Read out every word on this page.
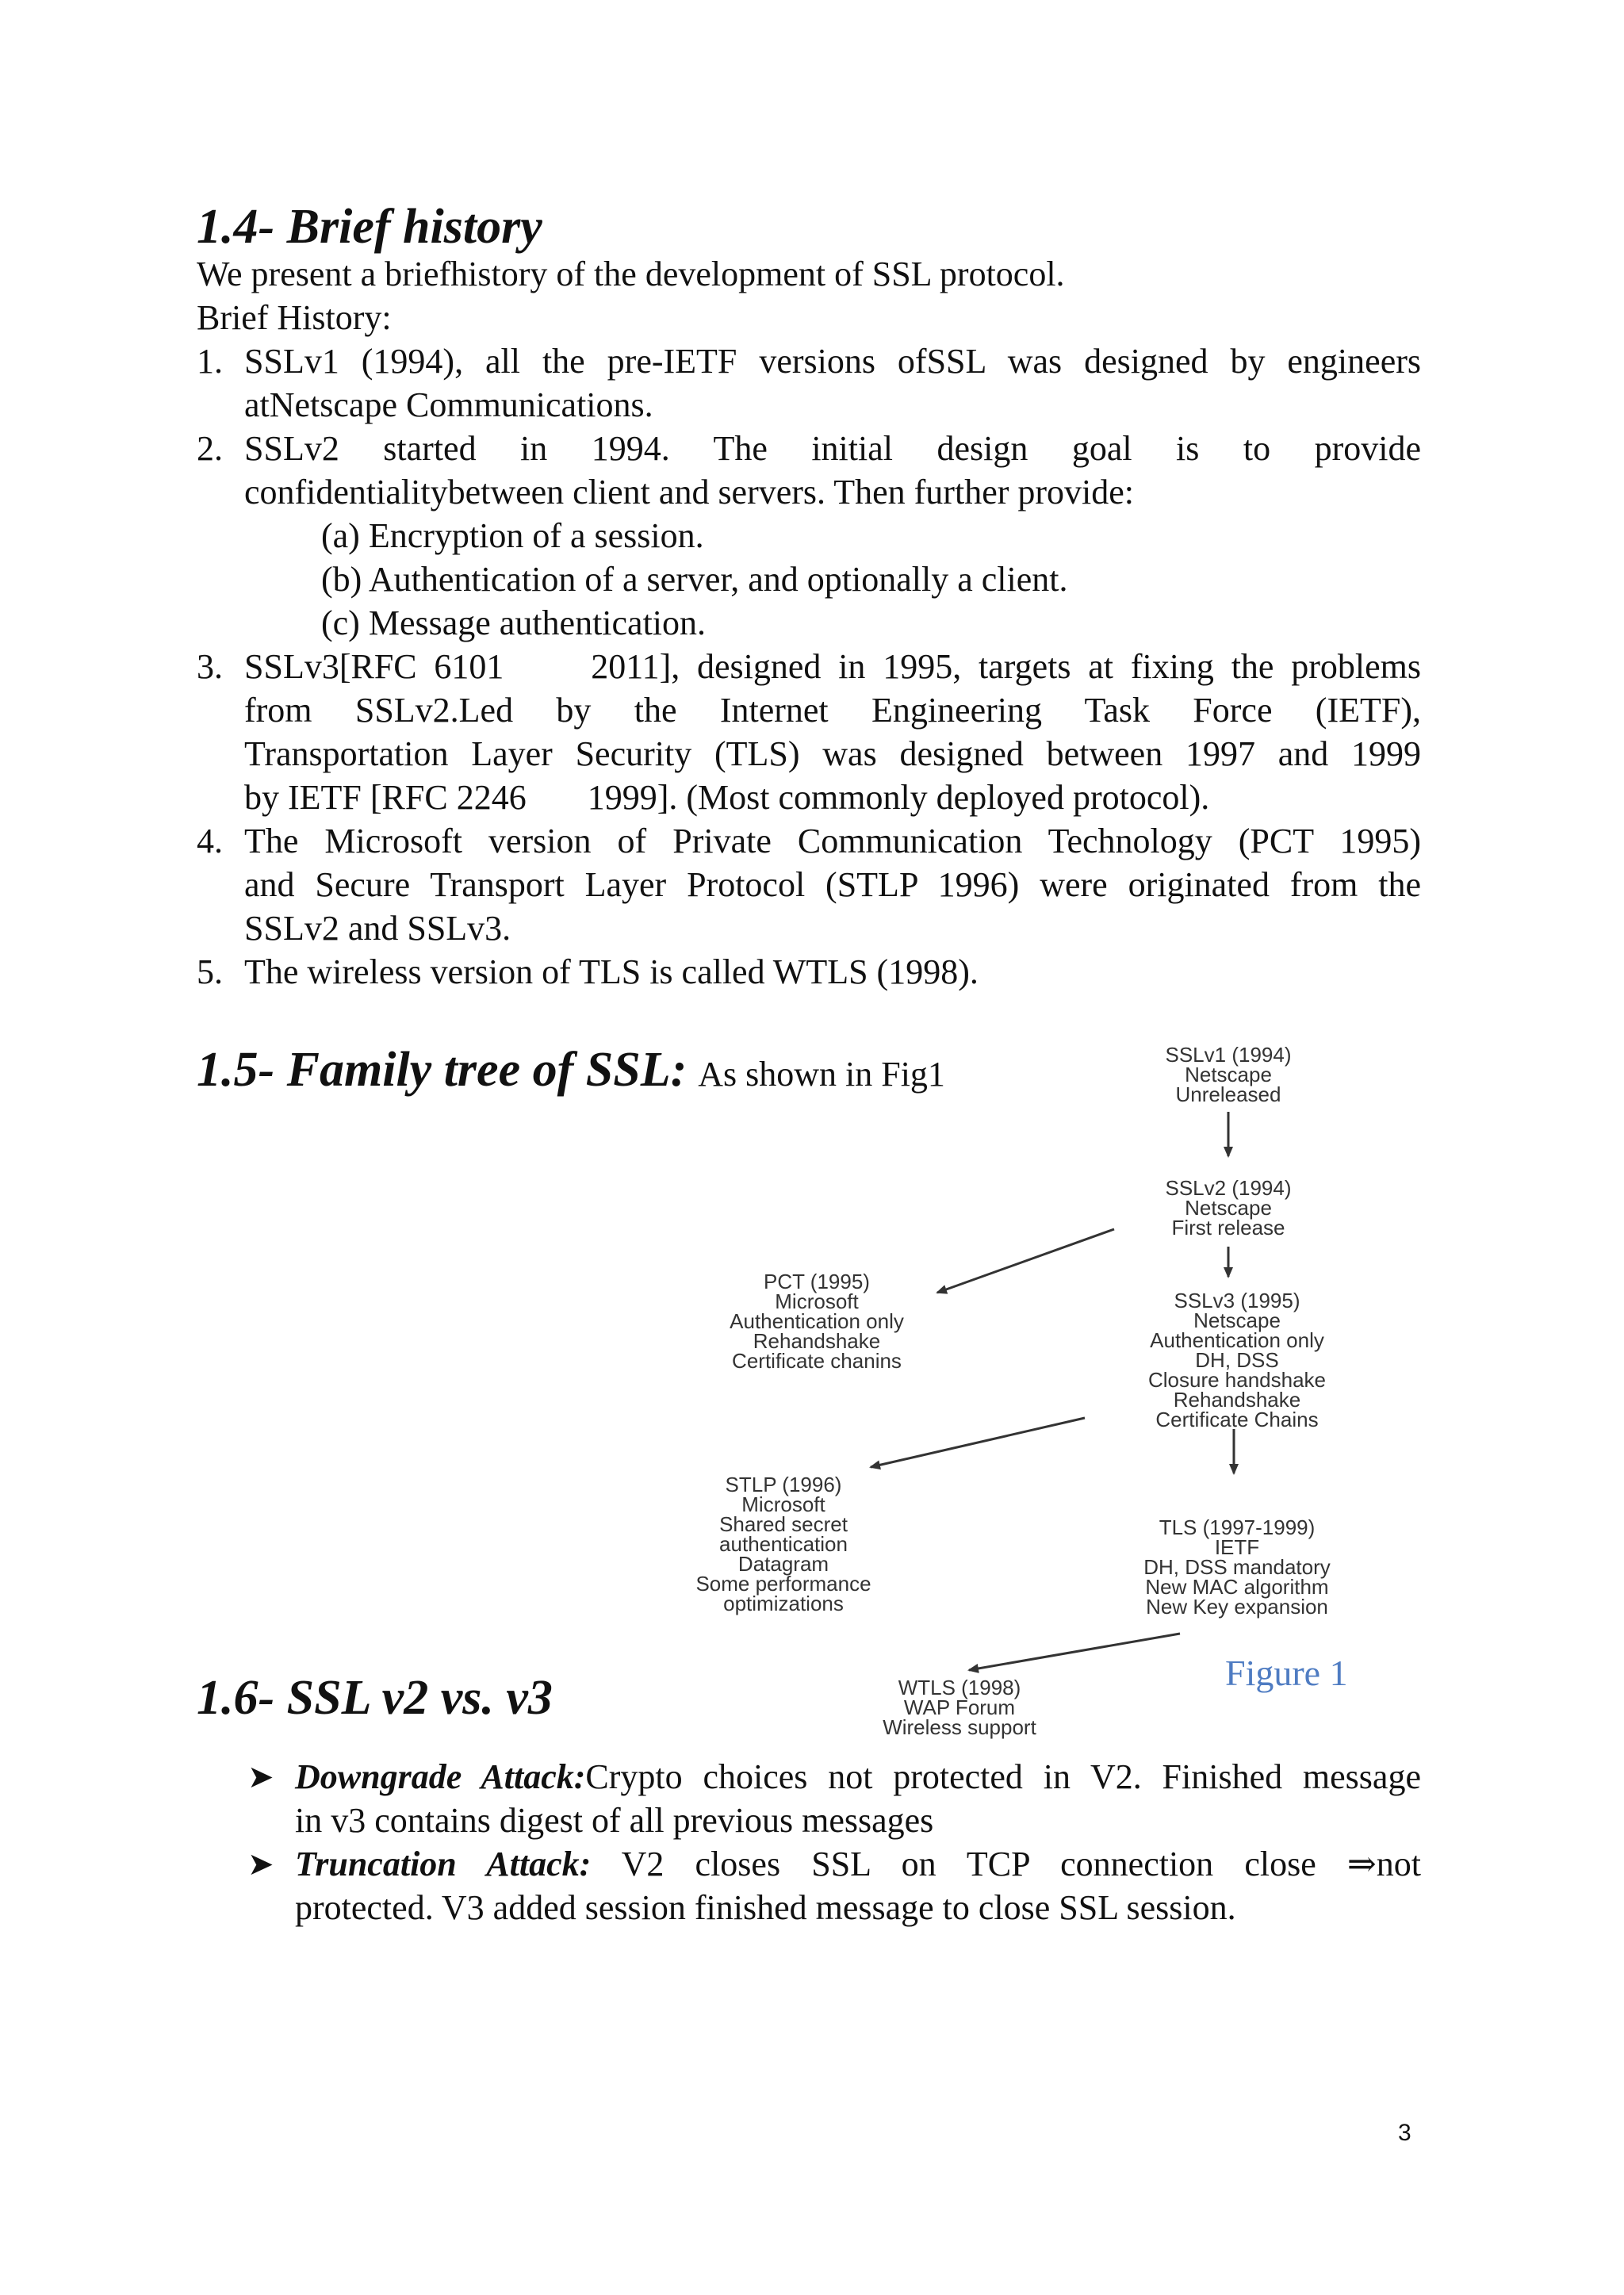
1.4- Brief history
We present a briefhistory of the development of SSL protocol.
Brief History:
1. SSLv1 (1994), all the pre-IETF versions ofSSL was designed by engineers
atNetscape Communications.
2. SSLv2 started in 1994. The initial design goal is to provide
confidentialitybetween client and servers. Then further provide:
(a) Encryption of a session.
(b) Authentication of a server, and optionally a client.
(c) Message authentication.
3. SSLv3[RFC 6101   2011], designed in 1995, targets at fixing the problems
from SSLv2.Led by the Internet Engineering Task Force (IETF),
Transportation Layer Security (TLS) was designed between 1997 and 1999
by IETF [RFC 2246   1999]. (Most commonly deployed protocol).
4. The Microsoft version of Private Communication Technology (PCT 1995)
and Secure Transport Layer Protocol (STLP 1996) were originated from the
SSLv2 and SSLv3.
5. The wireless version of TLS is called WTLS (1998).
1.5- Family tree of SSL: As shown in Fig1	SSLv1 (1994)
Netscape
Unreleased
SSLv2 (1994)
Netscape
First release
PCT (1995)
Microsoft
Authentication only
Rehandshake
Certificate chanins
SSLv3 (1995)
Netscape
Authentication only
DH, DSS
Closure handshake
Rehandshake
Certificate Chains
STLP (1996)
Microsoft
Shared secret
authentication
Datagram
Some performance
optimizations
TLS (1997-1999)
IETF
DH, DSS mandatory
New MAC algorithm
New Key expansion
WTLS (1998)
WAP Forum
Wireless support
Figure 1
1.6- SSL v2 vs. v3
➤ Downgrade Attack:Crypto choices not protected in V2. Finished message
in v3 contains digest of all previous messages
➤ Truncation Attack: V2 closes SSL on TCP connection close ⇒not
protected. V3 added session finished message to close SSL session.
3
